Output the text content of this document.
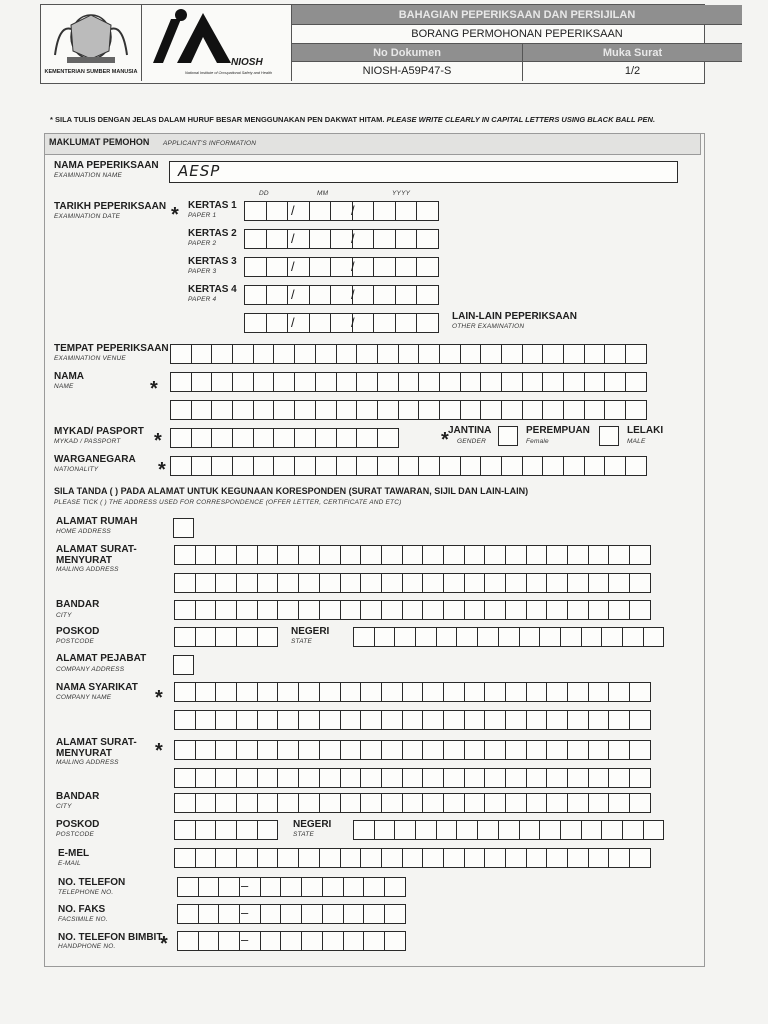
KEMENTERIAN SUMBER MANUSIA
NIOSH
National Institute of Occupational Safety and Health
BAHAGIAN PEPERIKSAAN DAN PERSIJILAN
BORANG PERMOHONAN PEPERIKSAAN
No Dokumen	Muka Surat
NIOSH-A59P47-S	1/2
* SILA TULIS DENGAN JELAS DALAM HURUF BESAR MENGGUNAKAN PEN DAKWAT HITAM. PLEASE WRITE CLEARLY IN CAPITAL LETTERS USING BLACK BALL PEN.
MAKLUMAT PEMOHON APPLICANT'S INFORMATION
NAMA PEPERIKSAAN
EXAMINATION NAME	AESP
DD	MM	YYYY
TARIKH PEPERIKSAAN
EXAMINATION DATE	*	/	/
KERTAS 1
PAPER 1
/	/
KERTAS 2
PAPER 2
/	/
KERTAS 3
PAPER 3
/	/
KERTAS 4
PAPER 4
/	/	LAIN-LAIN PEPERIKSAAN
OTHER EXAMINATION
TEMPAT PEPERIKSAAN
EXAMINATION VENUE
NAMA
NAME	*
MYKAD/ PASPORT
MYKAD / PASSPORT *	JANTINA
* GENDER
PEREMPUAN
Female
LELAKI
MALE
WARGANEGARA
NATIONALITY	*
SILA TANDA ( ) PADA ALAMAT UNTUK KEGUNAAN KORESPONDEN (SURAT TAWARAN, SIJIL DAN LAIN-LAIN)
PLEASE TICK ( ) THE ADDRESS USED FOR CORRESPONDENCE (OFFER LETTER, CERTIFICATE AND ETC)
ALAMAT RUMAH
HOME ADDRESS
ALAMAT SURAT-
MENYURAT
MAILING ADDRESS
BANDAR
CITY
POSKOD
POSTCODE
NEGERI
STATE
ALAMAT PEJABAT
COMPANY ADDRESS
NAMA SYARIKAT
COMPANY NAME *
ALAMAT SURAT-
MENYURAT
MAILING ADDRESS
*
BANDAR
CITY
POSKOD
POSTCODE
NEGERI
STATE
E-MEL
E-MAIL
NO. TELEFON
TELEPHONE NO.
NO. FAKS
FACSIMILE NO.
NO. TELEFON BIMBIT
HANDPHONE NO. *
–
–
–
